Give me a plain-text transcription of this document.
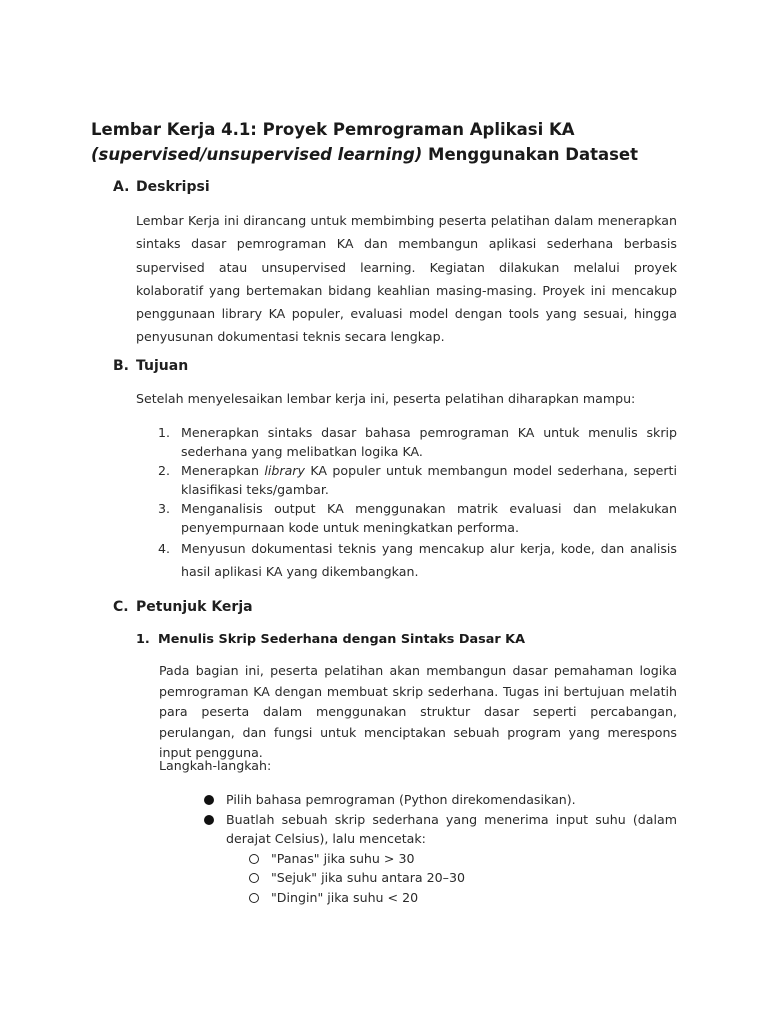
Lembar Kerja 4.1: Proyek Pemrograman Aplikasi KA
(supervised/unsupervised learning) Menggunakan Dataset
A. Deskripsi
Lembar Kerja ini dirancang untuk membimbing peserta pelatihan dalam menerapkan sintaks dasar pemrograman KA dan membangun aplikasi sederhana berbasis supervised atau unsupervised learning. Kegiatan dilakukan melalui proyek kolaboratif yang bertemakan bidang keahlian masing-masing. Proyek ini mencakup penggunaan library KA populer, evaluasi model dengan tools yang sesuai, hingga penyusunan dokumentasi teknis secara lengkap.
B. Tujuan
Setelah menyelesaikan lembar kerja ini, peserta pelatihan diharapkan mampu:
1. Menerapkan sintaks dasar bahasa pemrograman KA untuk menulis skrip sederhana yang melibatkan logika KA.
2. Menerapkan library KA populer untuk membangun model sederhana, seperti klasifikasi teks/gambar.
3. Menganalisis output KA menggunakan matrik evaluasi dan melakukan penyempurnaan kode untuk meningkatkan performa.
4. Menyusun dokumentasi teknis yang mencakup alur kerja, kode, dan analisis hasil aplikasi KA yang dikembangkan.
C. Petunjuk Kerja
1. Menulis Skrip Sederhana dengan Sintaks Dasar KA
Pada bagian ini, peserta pelatihan akan membangun dasar pemahaman logika pemrograman KA dengan membuat skrip sederhana. Tugas ini bertujuan melatih para peserta dalam menggunakan struktur dasar seperti percabangan, perulangan, dan fungsi untuk menciptakan sebuah program yang merespons input pengguna.
Langkah-langkah:
Pilih bahasa pemrograman (Python direkomendasikan).
Buatlah sebuah skrip sederhana yang menerima input suhu (dalam derajat Celsius), lalu mencetak:
"Panas" jika suhu > 30
"Sejuk" jika suhu antara 20–30
"Dingin" jika suhu < 20
